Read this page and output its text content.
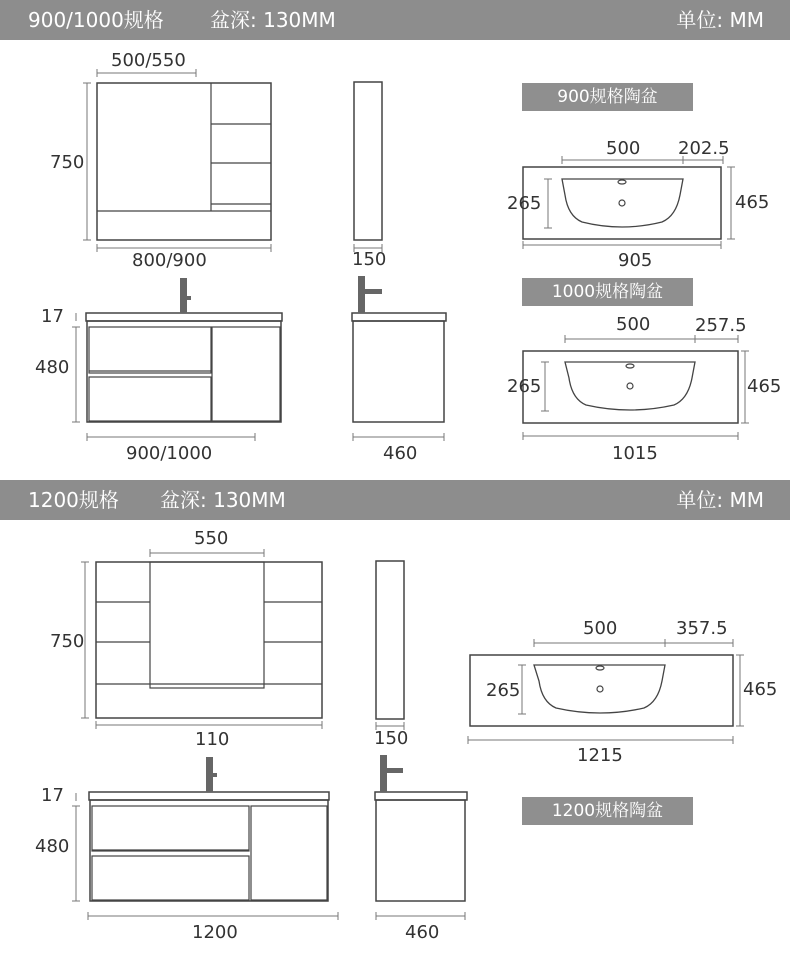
900/1000规格 盆深: 130MM	单位: MM
1200规格 盆深: 130MM	单位: MM
500/550
750
800/900	150
17
480
900/1000	460
900规格陶盆
500 202.5
265	465
905
1000规格陶盆
500 257.5
265	465
1015
550
750
110	150
17
480
1200	460
500	357.5
265	465
1215
1200规格陶盆
